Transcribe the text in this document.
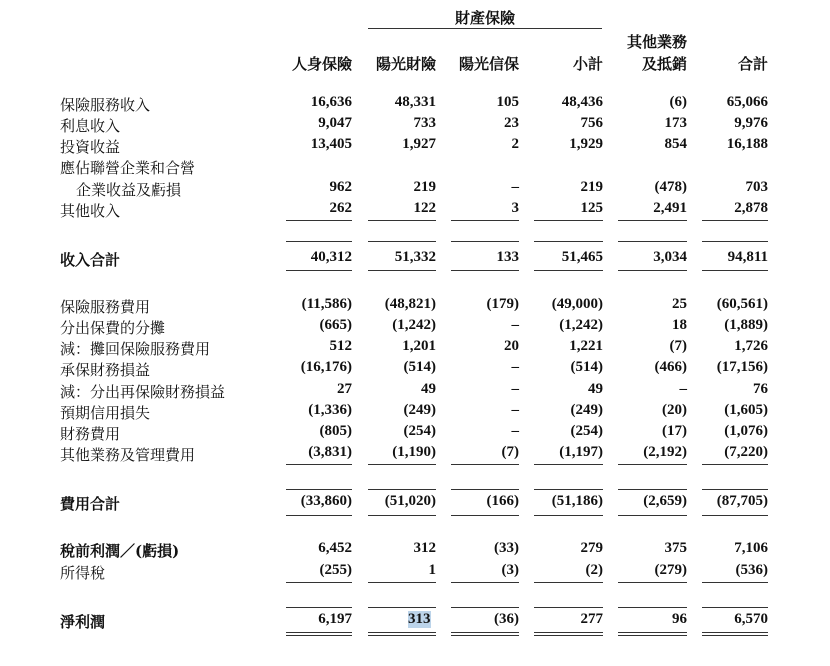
財產保險
人身保險	陽光財險	陽光信保	小計
其他業務
及抵銷	合計
保險服務收入	16,636	48,331	105	48,436	(6)	65,066
利息收入	9,047	733	23	756	173	9,976
投資收益	13,405	1,927	2	1,929	854	16,188
應佔聯營企業和合營
企業收益及虧損	962	219	–	219	(478)	703
其他收入	262	122	3	125	2,491	2,878
收入合計	40,312	51,332	133	51,465	3,034	94,811
保險服務費用	(11,586)	(48,821)	(179)	(49,000)	25	(60,561)
分出保費的分攤	(665)	(1,242)	–	(1,242)	18	(1,889)
減：攤回保險服務費用	512	1,201	20	1,221	(7)	1,726
承保財務損益	(16,176)	(514)	–	(514)	(466)	(17,156)
減：分出再保險財務損益	27	49	–	49	–	76
預期信用損失	(1,336)	(249)	–	(249)	(20)	(1,605)
財務費用	(805)	(254)	–	(254)	(17)	(1,076)
其他業務及管理費用	(3,831)	(1,190)	(7)	(1,197)	(2,192)	(7,220)
費用合計	(33,860)	(51,020)	(166)	(51,186)	(2,659)	(87,705)
稅前利潤／(虧損)	6,452	312	(33)	279	375	7,106
所得稅	(255)	1	(3)	(2)	(279)	(536)
淨利潤	6,197	313	(36)	277	96	6,570
